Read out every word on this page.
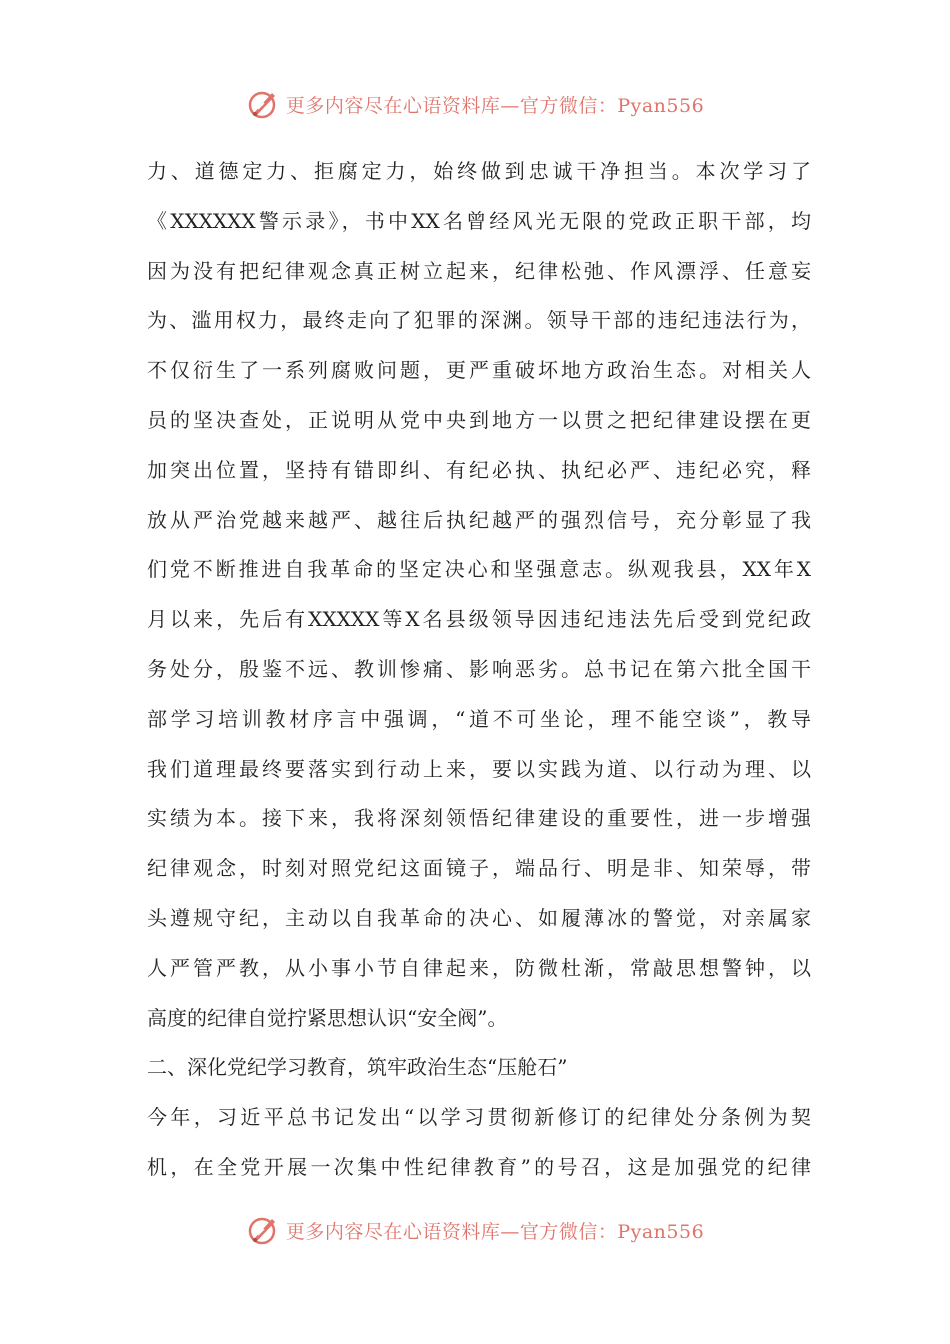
更多内容尽在心语资料库—官方微信：Pyan556
力、道德定力、拒腐定力，始终做到忠诚干净担当。本次学习了
《XXXXXX警示录》，书中XX名曾经风光无限的党政正职干部，均
因为没有把纪律观念真正树立起来，纪律松弛、作风漂浮、任意妄
为、滥用权力，最终走向了犯罪的深渊。领导干部的违纪违法行为，
不仅衍生了一系列腐败问题，更严重破坏地方政治生态。对相关人
员的坚决查处，正说明从党中央到地方一以贯之把纪律建设摆在更
加突出位置，坚持有错即纠、有纪必执、执纪必严、违纪必究，释
放从严治党越来越严、越往后执纪越严的强烈信号，充分彰显了我
们党不断推进自我革命的坚定决心和坚强意志。纵观我县，XX年X
月以来，先后有XXXXX等X名县级领导因违纪违法先后受到党纪政
务处分，殷鉴不远、教训惨痛、影响恶劣。总书记在第六批全国干
部学习培训教材序言中强调，“道不可坐论，理不能空谈”，教导
我们道理最终要落实到行动上来，要以实践为道、以行动为理、以
实绩为本。接下来，我将深刻领悟纪律建设的重要性，进一步增强
纪律观念，时刻对照党纪这面镜子，端品行、明是非、知荣辱，带
头遵规守纪，主动以自我革命的决心、如履薄冰的警觉，对亲属家
人严管严教，从小事小节自律起来，防微杜渐，常敲思想警钟，以
高度的纪律自觉拧紧思想认识“安全阀”。
二、深化党纪学习教育，筑牢政治生态“压舱石”
今年，习近平总书记发出“以学习贯彻新修订的纪律处分条例为契
机，在全党开展一次集中性纪律教育”的号召，这是加强党的纪律
更多内容尽在心语资料库—官方微信：Pyan556
